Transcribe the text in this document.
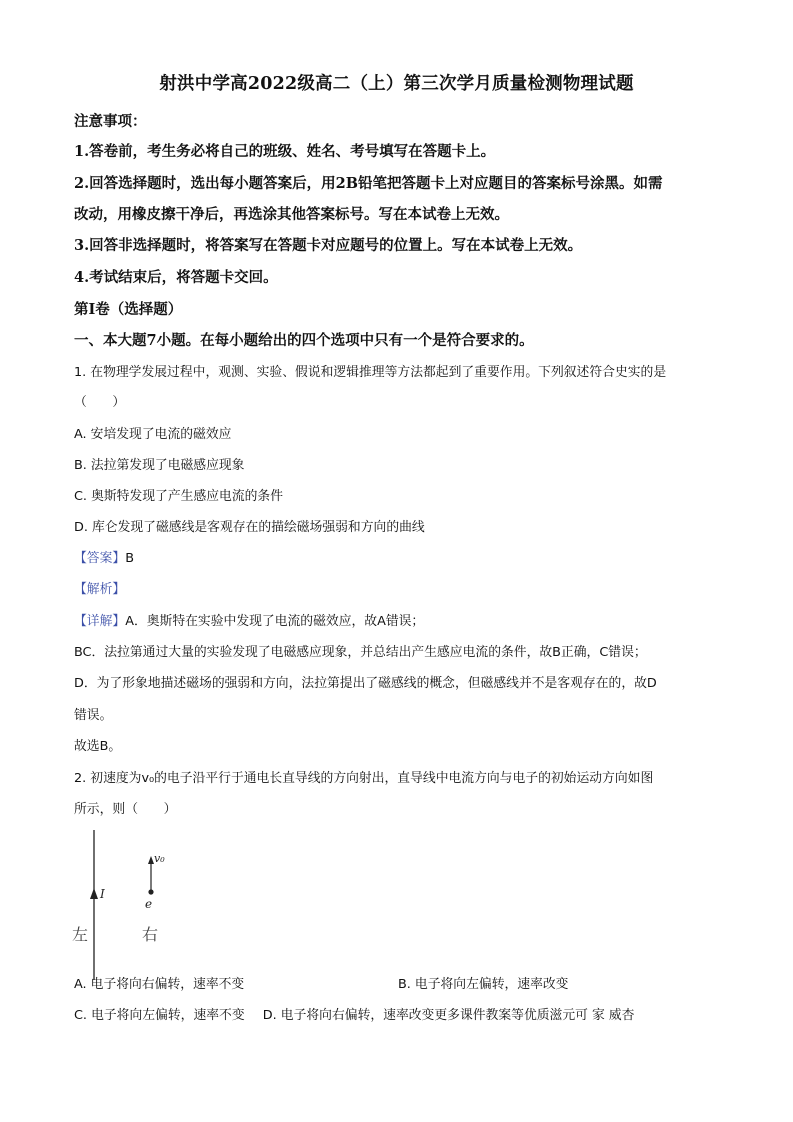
射洪中学高2022级高二（上）第三次学月质量检测物理试题
注意事项：
1.答卷前，考生务必将自己的班级、姓名、考号填写在答题卡上。
2.回答选择题时，选出每小题答案后，用2B铅笔把答题卡上对应题目的答案标号涂黑。如需
改动，用橡皮擦干净后，再选涂其他答案标号。写在本试卷上无效。
3.回答非选择题时，将答案写在答题卡对应题号的位置上。写在本试卷上无效。
4.考试结束后，将答题卡交回。
第Ⅰ卷（选择题）
一、本大题7小题。在每小题给出的四个选项中只有一个是符合要求的。
1. 在物理学发展过程中，观测、实验、假说和逻辑推理等方法都起到了重要作用。下列叙述符合史实的是
（　　）
A. 安培发现了电流的磁效应
B. 法拉第发现了电磁感应现象
C. 奥斯特发现了产生感应电流的条件
D. 库仑发现了磁感线是客观存在的描绘磁场强弱和方向的曲线
【答案】B
【解析】
【详解】A．奥斯特在实验中发现了电流的磁效应，故A错误；
BC．法拉第通过大量的实验发现了电磁感应现象，并总结出产生感应电流的条件，故B正确，C错误；
D．为了形象地描述磁场的强弱和方向，法拉第提出了磁感线的概念，但磁感线并不是客观存在的，故D
错误。
故选B。
2. 初速度为v₀的电子沿平行于通电长直导线的方向射出，直导线中电流方向与电子的初始运动方向如图
所示，则（　　）
I
v₀
e
左	右
A. 电子将向右偏转，速率不变	B. 电子将向左偏转，速率改变
C. 电子将向左偏转，速率不变 D. 电子将向右偏转，速率改变更多课件教案等优质滋元可 家 威杏
